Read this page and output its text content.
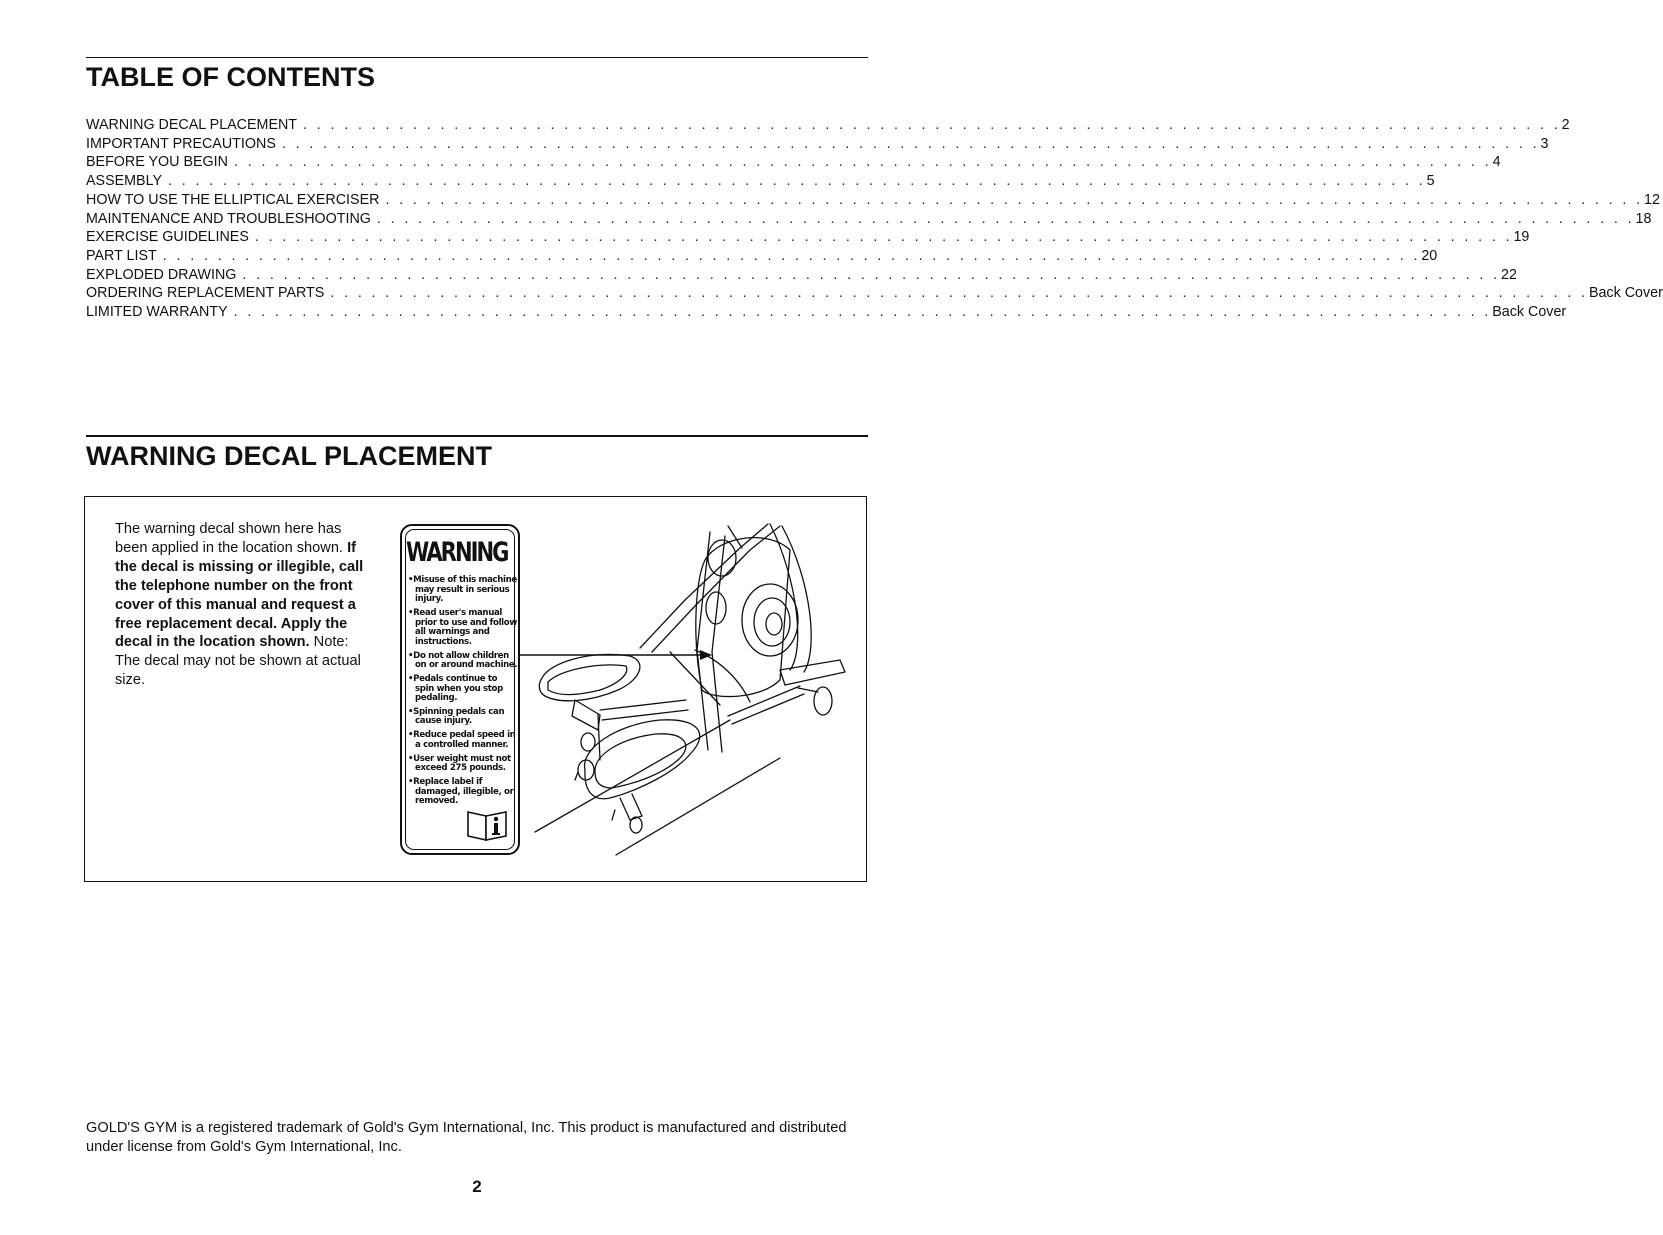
TABLE OF CONTENTS
WARNING DECAL PLACEMENT . . . . . . . . . . . . . . . . . . . . . . . . . . . . . . . . . . . . . . . . . . . . . . . . . . . . . . . . . . . . . . . . . . . . . . . . . . . . . . . . . . . . . . . . . . . . 2
IMPORTANT PRECAUTIONS . . . . . . . . . . . . . . . . . . . . . . . . . . . . . . . . . . . . . . . . . . . . . . . . . . . . . . . . . . . . . . . . . . . . . . . . . . . . . . . . . . . . . . . . . . . . 3
BEFORE YOU BEGIN . . . . . . . . . . . . . . . . . . . . . . . . . . . . . . . . . . . . . . . . . . . . . . . . . . . . . . . . . . . . . . . . . . . . . . . . . . . . . . . . . . . . . . . . . . . . 4
ASSEMBLY . . . . . . . . . . . . . . . . . . . . . . . . . . . . . . . . . . . . . . . . . . . . . . . . . . . . . . . . . . . . . . . . . . . . . . . . . . . . . . . . . . . . . . . . . . . . 5
HOW TO USE THE ELLIPTICAL EXERCISER . . . . . . . . . . . . . . . . . . . . . . . . . . . . . . . . . . . . . . . . . . . . . . . . . . . . . . . . . . . . . . . . . . . . . . . . . . . . . . . . . . . . . . . . . . . . 12
MAINTENANCE AND TROUBLESHOOTING . . . . . . . . . . . . . . . . . . . . . . . . . . . . . . . . . . . . . . . . . . . . . . . . . . . . . . . . . . . . . . . . . . . . . . . . . . . . . . . . . . . . . . . . . . . . 18
EXERCISE GUIDELINES . . . . . . . . . . . . . . . . . . . . . . . . . . . . . . . . . . . . . . . . . . . . . . . . . . . . . . . . . . . . . . . . . . . . . . . . . . . . . . . . . . . . . . . . . . . . 19
PART LIST . . . . . . . . . . . . . . . . . . . . . . . . . . . . . . . . . . . . . . . . . . . . . . . . . . . . . . . . . . . . . . . . . . . . . . . . . . . . . . . . . . . . . . . . . . . . 20
EXPLODED DRAWING . . . . . . . . . . . . . . . . . . . . . . . . . . . . . . . . . . . . . . . . . . . . . . . . . . . . . . . . . . . . . . . . . . . . . . . . . . . . . . . . . . . . . . . . . . . . 22
ORDERING REPLACEMENT PARTS . . . . . . . . . . . . . . . . . . . . . . . . . . . . . . . . . . . . . . . . . . . . . . . . . . . . . . . . . . . . . . . . . . . . . . . . . . . . . . . . . . . . . . . . . . . . Back Cover
LIMITED WARRANTY . . . . . . . . . . . . . . . . . . . . . . . . . . . . . . . . . . . . . . . . . . . . . . . . . . . . . . . . . . . . . . . . . . . . . . . . . . . . . . . . . . . . . . . . . . . . Back Cover
WARNING DECAL PLACEMENT

The warning decal shown here has been applied in the location shown. If the decal is missing or illegible, call the telephone number on the front cover of this manual and request a free replacement decal. Apply the decal in the location shown. Note: The decal may not be shown at actual size.

WARNING
• Misuse of this machine may result in serious injury.
• Read user's manual prior to use and follow all warnings and instructions.
• Do not allow children on or around machine.
• Pedals continue to spin when you stop pedaling.
• Spinning pedals can cause injury.
• Reduce pedal speed in a controlled manner.
• User weight must not exceed 275 pounds.
• Replace label if damaged, illegible, or removed.

GOLD'S GYM is a registered trademark of Gold's Gym International, Inc. This product is manufactured and distributed under license from Gold's Gym International, Inc.

2
